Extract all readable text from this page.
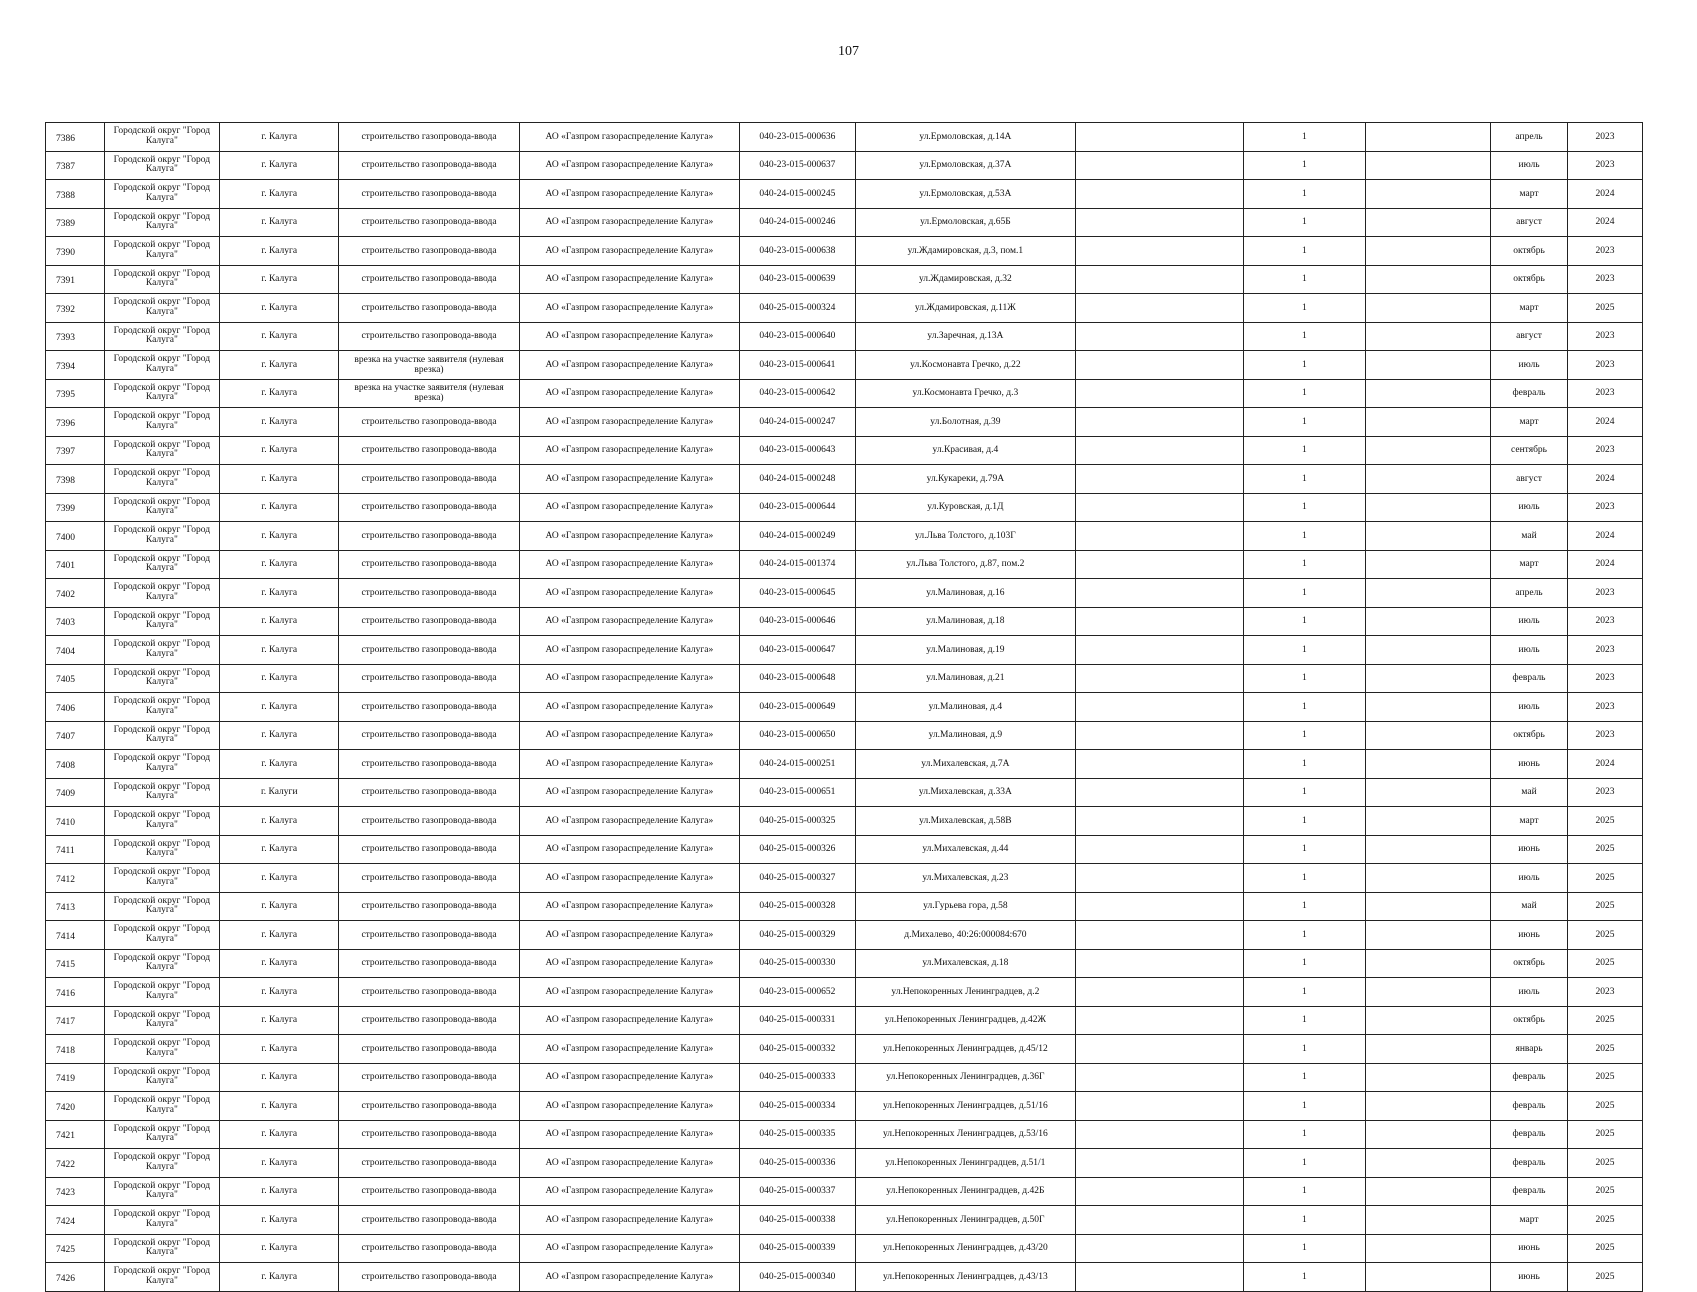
107
7386	Городской округ "Город Калуга"	г. Калуга	строительство газопровода-ввода	АО «Газпром газораспределение Калуга»	040-23-015-000636	ул.Ермоловская, д.14А		1		апрель	2023
7387	Городской округ "Город Калуга"	г. Калуга	строительство газопровода-ввода	АО «Газпром газораспределение Калуга»	040-23-015-000637	ул.Ермоловская, д.37А		1		июль	2023
7388	Городской округ "Город Калуга"	г. Калуга	строительство газопровода-ввода	АО «Газпром газораспределение Калуга»	040-24-015-000245	ул.Ермоловская, д.53А		1		март	2024
7389	Городской округ "Город Калуга"	г. Калуга	строительство газопровода-ввода	АО «Газпром газораспределение Калуга»	040-24-015-000246	ул.Ермоловская, д.65Б		1		август	2024
7390	Городской округ "Город Калуга"	г. Калуга	строительство газопровода-ввода	АО «Газпром газораспределение Калуга»	040-23-015-000638	ул.Ждамировская, д.3, пом.1		1		октябрь	2023
7391	Городской округ "Город Калуга"	г. Калуга	строительство газопровода-ввода	АО «Газпром газораспределение Калуга»	040-23-015-000639	ул.Ждамировская, д.32		1		октябрь	2023
7392	Городской округ "Город Калуга"	г. Калуга	строительство газопровода-ввода	АО «Газпром газораспределение Калуга»	040-25-015-000324	ул.Ждамировская, д.11Ж		1		март	2025
7393	Городской округ "Город Калуга"	г. Калуга	строительство газопровода-ввода	АО «Газпром газораспределение Калуга»	040-23-015-000640	ул.Заречная, д.13А		1		август	2023
7394	Городской округ "Город Калуга"	г. Калуга	врезка на участке заявителя (нулевая врезка)	АО «Газпром газораспределение Калуга»	040-23-015-000641	ул.Космонавта Гречко, д.22		1		июль	2023
7395	Городской округ "Город Калуга"	г. Калуга	врезка на участке заявителя (нулевая врезка)	АО «Газпром газораспределение Калуга»	040-23-015-000642	ул.Космонавта Гречко, д.3		1		февраль	2023
7396	Городской округ "Город Калуга"	г. Калуга	строительство газопровода-ввода	АО «Газпром газораспределение Калуга»	040-24-015-000247	ул.Болотная, д.39		1		март	2024
7397	Городской округ "Город Калуга"	г. Калуга	строительство газопровода-ввода	АО «Газпром газораспределение Калуга»	040-23-015-000643	ул.Красивая, д.4		1		сентябрь	2023
7398	Городской округ "Город Калуга"	г. Калуга	строительство газопровода-ввода	АО «Газпром газораспределение Калуга»	040-24-015-000248	ул.Кукареки, д.79А		1		август	2024
7399	Городской округ "Город Калуга"	г. Калуга	строительство газопровода-ввода	АО «Газпром газораспределение Калуга»	040-23-015-000644	ул.Куровская, д.1Д		1		июль	2023
7400	Городской округ "Город Калуга"	г. Калуга	строительство газопровода-ввода	АО «Газпром газораспределение Калуга»	040-24-015-000249	ул.Льва Толстого, д.103Г		1		май	2024
7401	Городской округ "Город Калуга"	г. Калуга	строительство газопровода-ввода	АО «Газпром газораспределение Калуга»	040-24-015-001374	ул.Льва Толстого, д.87, пом.2		1		март	2024
7402	Городской округ "Город Калуга"	г. Калуга	строительство газопровода-ввода	АО «Газпром газораспределение Калуга»	040-23-015-000645	ул.Малиновая, д.16		1		апрель	2023
7403	Городской округ "Город Калуга"	г. Калуга	строительство газопровода-ввода	АО «Газпром газораспределение Калуга»	040-23-015-000646	ул.Малиновая, д.18		1		июль	2023
7404	Городской округ "Город Калуга"	г. Калуга	строительство газопровода-ввода	АО «Газпром газораспределение Калуга»	040-23-015-000647	ул.Малиновая, д.19		1		июль	2023
7405	Городской округ "Город Калуга"	г. Калуга	строительство газопровода-ввода	АО «Газпром газораспределение Калуга»	040-23-015-000648	ул.Малиновая, д.21		1		февраль	2023
7406	Городской округ "Город Калуга"	г. Калуга	строительство газопровода-ввода	АО «Газпром газораспределение Калуга»	040-23-015-000649	ул.Малиновая, д.4		1		июль	2023
7407	Городской округ "Город Калуга"	г. Калуга	строительство газопровода-ввода	АО «Газпром газораспределение Калуга»	040-23-015-000650	ул.Малиновая, д.9		1		октябрь	2023
7408	Городской округ "Город Калуга"	г. Калуга	строительство газопровода-ввода	АО «Газпром газораспределение Калуга»	040-24-015-000251	ул.Михалевская, д.7А		1		июнь	2024
7409	Городской округ "Город Калуга"	г. Калуги	строительство газопровода-ввода	АО «Газпром газораспределение Калуга»	040-23-015-000651	ул.Михалевская, д.33А		1		май	2023
7410	Городской округ "Город Калуга"	г. Калуга	строительство газопровода-ввода	АО «Газпром газораспределение Калуга»	040-25-015-000325	ул.Михалевская, д.58В		1		март	2025
7411	Городской округ "Город Калуга"	г. Калуга	строительство газопровода-ввода	АО «Газпром газораспределение Калуга»	040-25-015-000326	ул.Михалевская, д.44		1		июнь	2025
7412	Городской округ "Город Калуга"	г. Калуга	строительство газопровода-ввода	АО «Газпром газораспределение Калуга»	040-25-015-000327	ул.Михалевская, д.23		1		июль	2025
7413	Городской округ "Город Калуга"	г. Калуга	строительство газопровода-ввода	АО «Газпром газораспределение Калуга»	040-25-015-000328	ул.Гурьева гора, д.58		1		май	2025
7414	Городской округ "Город Калуга"	г. Калуга	строительство газопровода-ввода	АО «Газпром газораспределение Калуга»	040-25-015-000329	д.Михалево, 40:26:000084:670		1		июнь	2025
7415	Городской округ "Город Калуга"	г. Калуга	строительство газопровода-ввода	АО «Газпром газораспределение Калуга»	040-25-015-000330	ул.Михалевская, д.18		1		октябрь	2025
7416	Городской округ "Город Калуга"	г. Калуга	строительство газопровода-ввода	АО «Газпром газораспределение Калуга»	040-23-015-000652	ул.Непокоренных Ленинградцев, д.2		1		июль	2023
7417	Городской округ "Город Калуга"	г. Калуга	строительство газопровода-ввода	АО «Газпром газораспределение Калуга»	040-25-015-000331	ул.Непокоренных Ленинградцев, д.42Ж		1		октябрь	2025
7418	Городской округ "Город Калуга"	г. Калуга	строительство газопровода-ввода	АО «Газпром газораспределение Калуга»	040-25-015-000332	ул.Непокоренных Ленинградцев, д.45/12		1		январь	2025
7419	Городской округ "Город Калуга"	г. Калуга	строительство газопровода-ввода	АО «Газпром газораспределение Калуга»	040-25-015-000333	ул.Непокоренных Ленинградцев, д.36Г		1		февраль	2025
7420	Городской округ "Город Калуга"	г. Калуга	строительство газопровода-ввода	АО «Газпром газораспределение Калуга»	040-25-015-000334	ул.Непокоренных Ленинградцев, д.51/16		1		февраль	2025
7421	Городской округ "Город Калуга"	г. Калуга	строительство газопровода-ввода	АО «Газпром газораспределение Калуга»	040-25-015-000335	ул.Непокоренных Ленинградцев, д.53/16		1		февраль	2025
7422	Городской округ "Город Калуга"	г. Калуга	строительство газопровода-ввода	АО «Газпром газораспределение Калуга»	040-25-015-000336	ул.Непокоренных Ленинградцев, д.51/1		1		февраль	2025
7423	Городской округ "Город Калуга"	г. Калуга	строительство газопровода-ввода	АО «Газпром газораспределение Калуга»	040-25-015-000337	ул.Непокоренных Ленинградцев, д.42Б		1		февраль	2025
7424	Городской округ "Город Калуга"	г. Калуга	строительство газопровода-ввода	АО «Газпром газораспределение Калуга»	040-25-015-000338	ул.Непокоренных Ленинградцев, д.50Г		1		март	2025
7425	Городской округ "Город Калуга"	г. Калуга	строительство газопровода-ввода	АО «Газпром газораспределение Калуга»	040-25-015-000339	ул.Непокоренных Ленинградцев, д.43/20		1		июнь	2025
7426	Городской округ "Город Калуга"	г. Калуга	строительство газопровода-ввода	АО «Газпром газораспределение Калуга»	040-25-015-000340	ул.Непокоренных Ленинградцев, д.43/13		1		июнь	2025
